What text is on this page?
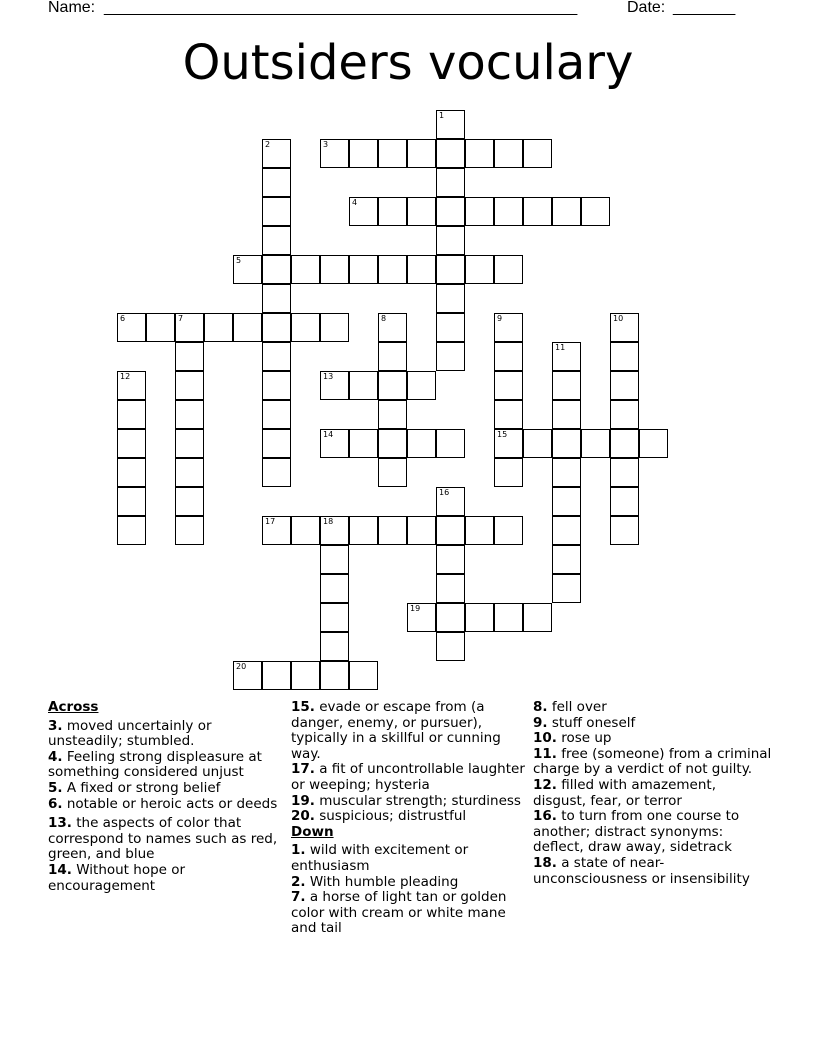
Name: _______________________________________________________	Date: _______
Outsiders voculary
1
2	3
4
5
6	7	8	9
15
10
11
12	13
14
16
17	18
19
20
Across
3. moved uncertainly or unsteadily; stumbled.
4. Feeling strong displeasure at something considered unjust
5. A fixed or strong belief
6. notable or heroic acts or deeds
13. the aspects of color that correspond to names such as red, green, and blue
14. Without hope or encouragement
15. evade or escape from (a danger, enemy, or pursuer), typically in a skillful or cunning way.
17. a fit of uncontrollable laughter or weeping; hysteria
19. muscular strength; sturdiness
20. suspicious; distrustful
Down
1. wild with excitement or enthusiasm
2. With humble pleading
7. a horse of light tan or golden color with cream or white mane and tail
8. fell over
9. stuff oneself
10. rose up
11. free (someone) from a criminal charge by a verdict of not guilty.
12. filled with amazement, disgust, fear, or terror
16. to turn from one course to another; distract synonyms: deflect, draw away, sidetrack
18. a state of near-unconsciousness or insensibility
